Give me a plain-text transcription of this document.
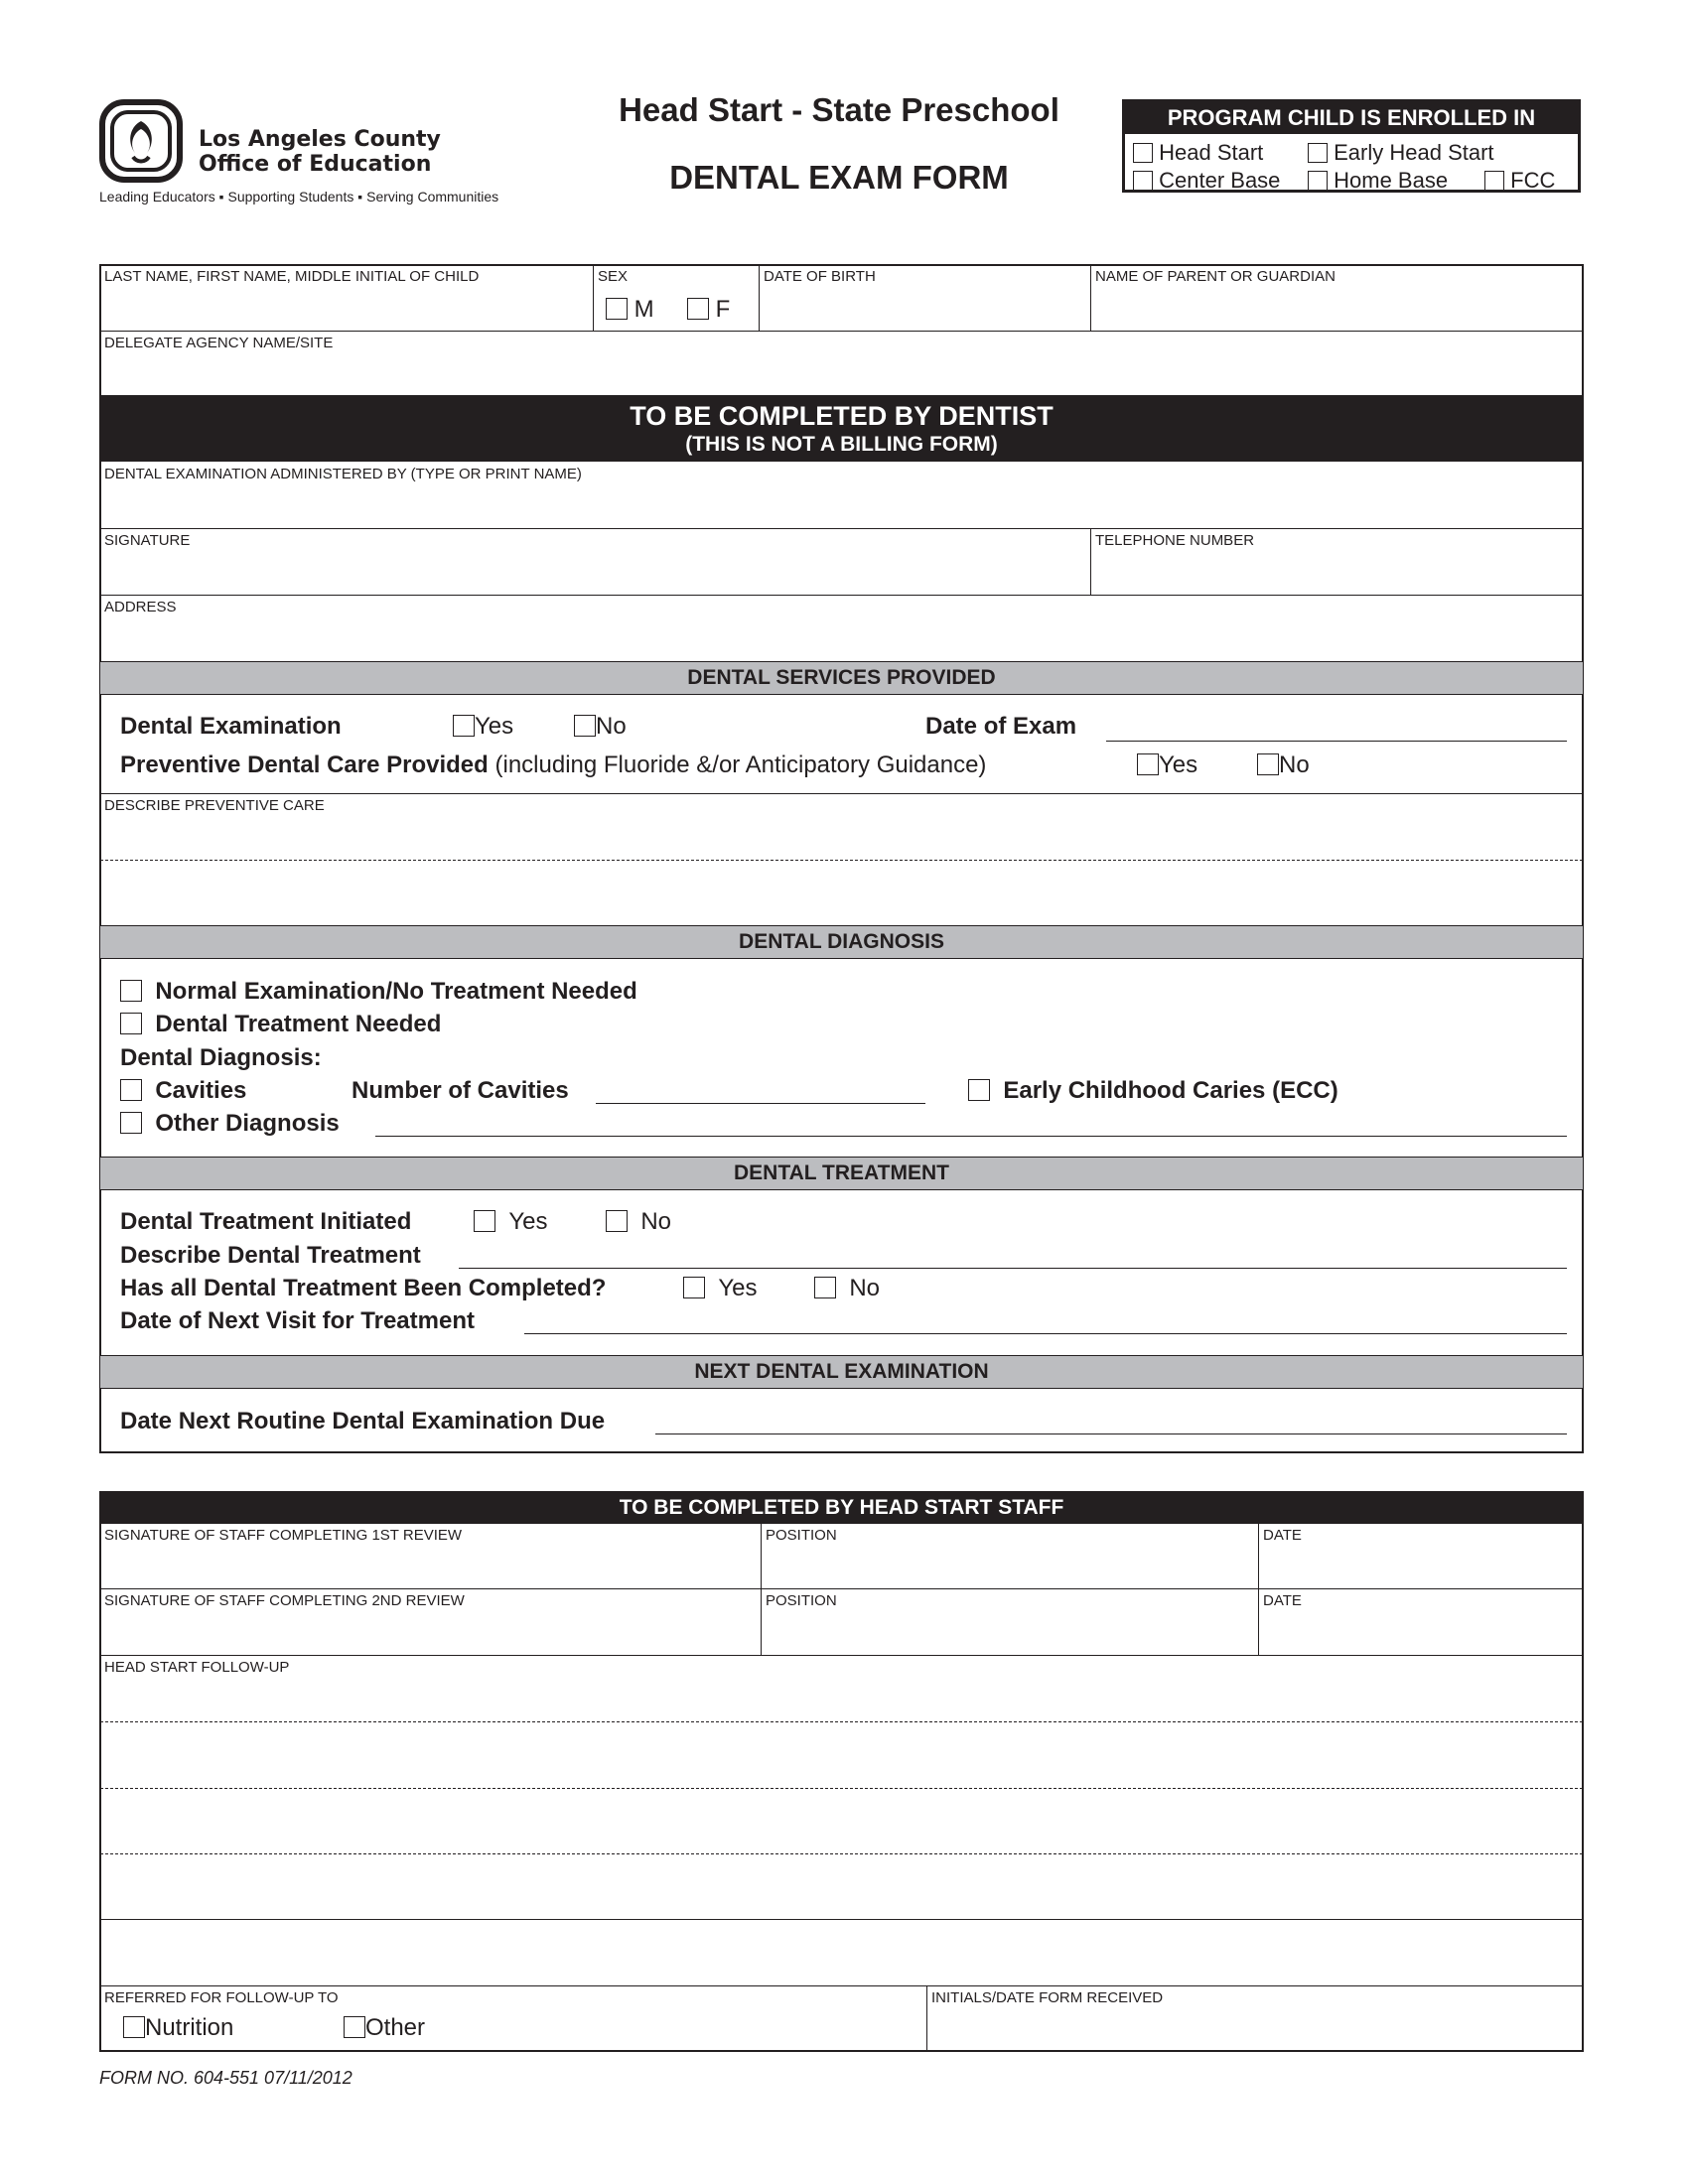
Los Angeles County
Office of Education
Leading Educators ▪ Supporting Students ▪ Serving Communities
Head Start - State Preschool
DENTAL EXAM FORM
PROGRAM CHILD IS ENROLLED IN
Head Start	Early Head Start
Center Base	Home Base	FCC
LAST NAME, FIRST NAME, MIDDLE INITIAL OF CHILD	SEX
M	F
DATE OF BIRTH	NAME OF PARENT OR GUARDIAN
DELEGATE AGENCY NAME/SITE
TO BE COMPLETED BY DENTIST
(THIS IS NOT A BILLING FORM)
DENTAL EXAMINATION ADMINISTERED BY (TYPE OR PRINT NAME)
SIGNATURE	TELEPHONE NUMBER
ADDRESS
DENTAL SERVICES PROVIDED
Dental Examination	Yes	No	Date of Exam
Preventive Dental Care Provided (including Fluoride &/or Anticipatory Guidance)	Yes	No
DESCRIBE PREVENTIVE CARE
DENTAL DIAGNOSIS
Normal Examination/No Treatment Needed
Dental Treatment Needed
Dental Diagnosis:
Cavities	Number of Cavities	Early Childhood Caries (ECC)
Other Diagnosis
DENTAL TREATMENT
Dental Treatment Initiated	Yes	No
Describe Dental Treatment
Has all Dental Treatment Been Completed?	Yes	No
Date of Next Visit for Treatment
NEXT DENTAL EXAMINATION
Date Next Routine Dental Examination Due
TO BE COMPLETED BY HEAD START STAFF
SIGNATURE OF STAFF COMPLETING 1ST REVIEW	POSITION	DATE
SIGNATURE OF STAFF COMPLETING 2ND REVIEW	POSITION	DATE
HEAD START FOLLOW-UP
REFERRED FOR FOLLOW-UP TO
Nutrition	Other
INITIALS/DATE FORM RECEIVED
FORM NO. 604-551 07/11/2012
